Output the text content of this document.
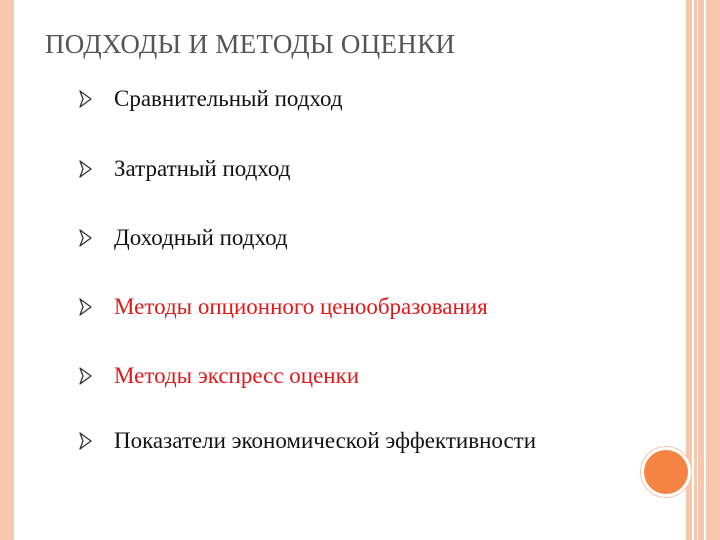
ПОДХОДЫ И МЕТОДЫ ОЦЕНКИ
Сравнительный подход
Затратный подход
Доходный подход
Методы опционного ценообразования
Методы экспресс оценки
Показатели экономической эффективности
